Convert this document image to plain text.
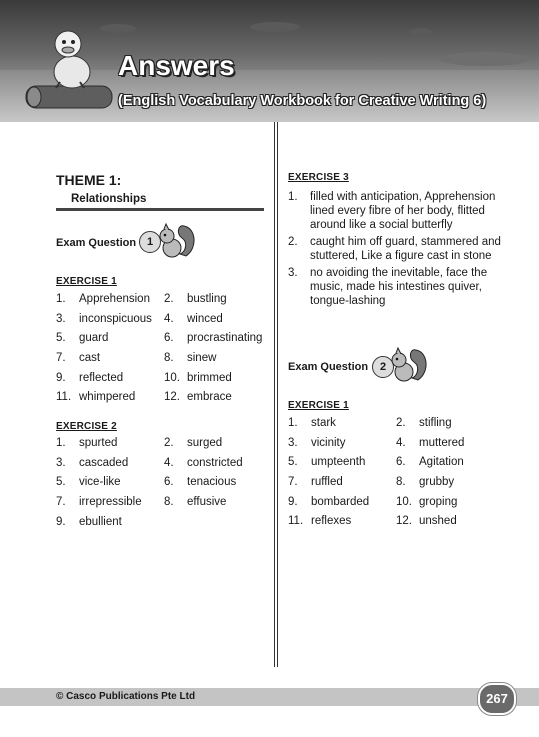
Answers
(English Vocabulary Workbook for Creative Writing 6)
THEME 1:
Relationships
Exam Question 1
EXERCISE 1
1.	Apprehension	2.	bustling
3.	inconspicuous	4.	winced
5.	guard	6.	procrastinating
7.	cast	8.	sinew
9.	reflected	10. brimmed
11. whimpered	12. embrace
EXERCISE 2
1.	spurted	2.	surged
3.	cascaded	4.	constricted
5.	vice-like	6.	tenacious
7.	irrepressible	8.	effusive
9.	ebullient
EXERCISE 3
1.	filled with anticipation, Apprehension lined every fibre of her body, flitted around like a social butterfly
2.	caught him off guard, stammered and stuttered, Like a figure cast in stone
3.	no avoiding the inevitable, face the music, made his intestines quiver, tongue-lashing
Exam Question	2
EXERCISE 1
1.	stark	2.	stifling
3.	vicinity	4.	muttered
5.	umpteenth	6.	Agitation
7.	ruffled	8.	grubby
9.	bombarded	10. groping
11. reflexes	12. unshed
© Casco Publications Pte Ltd	267
